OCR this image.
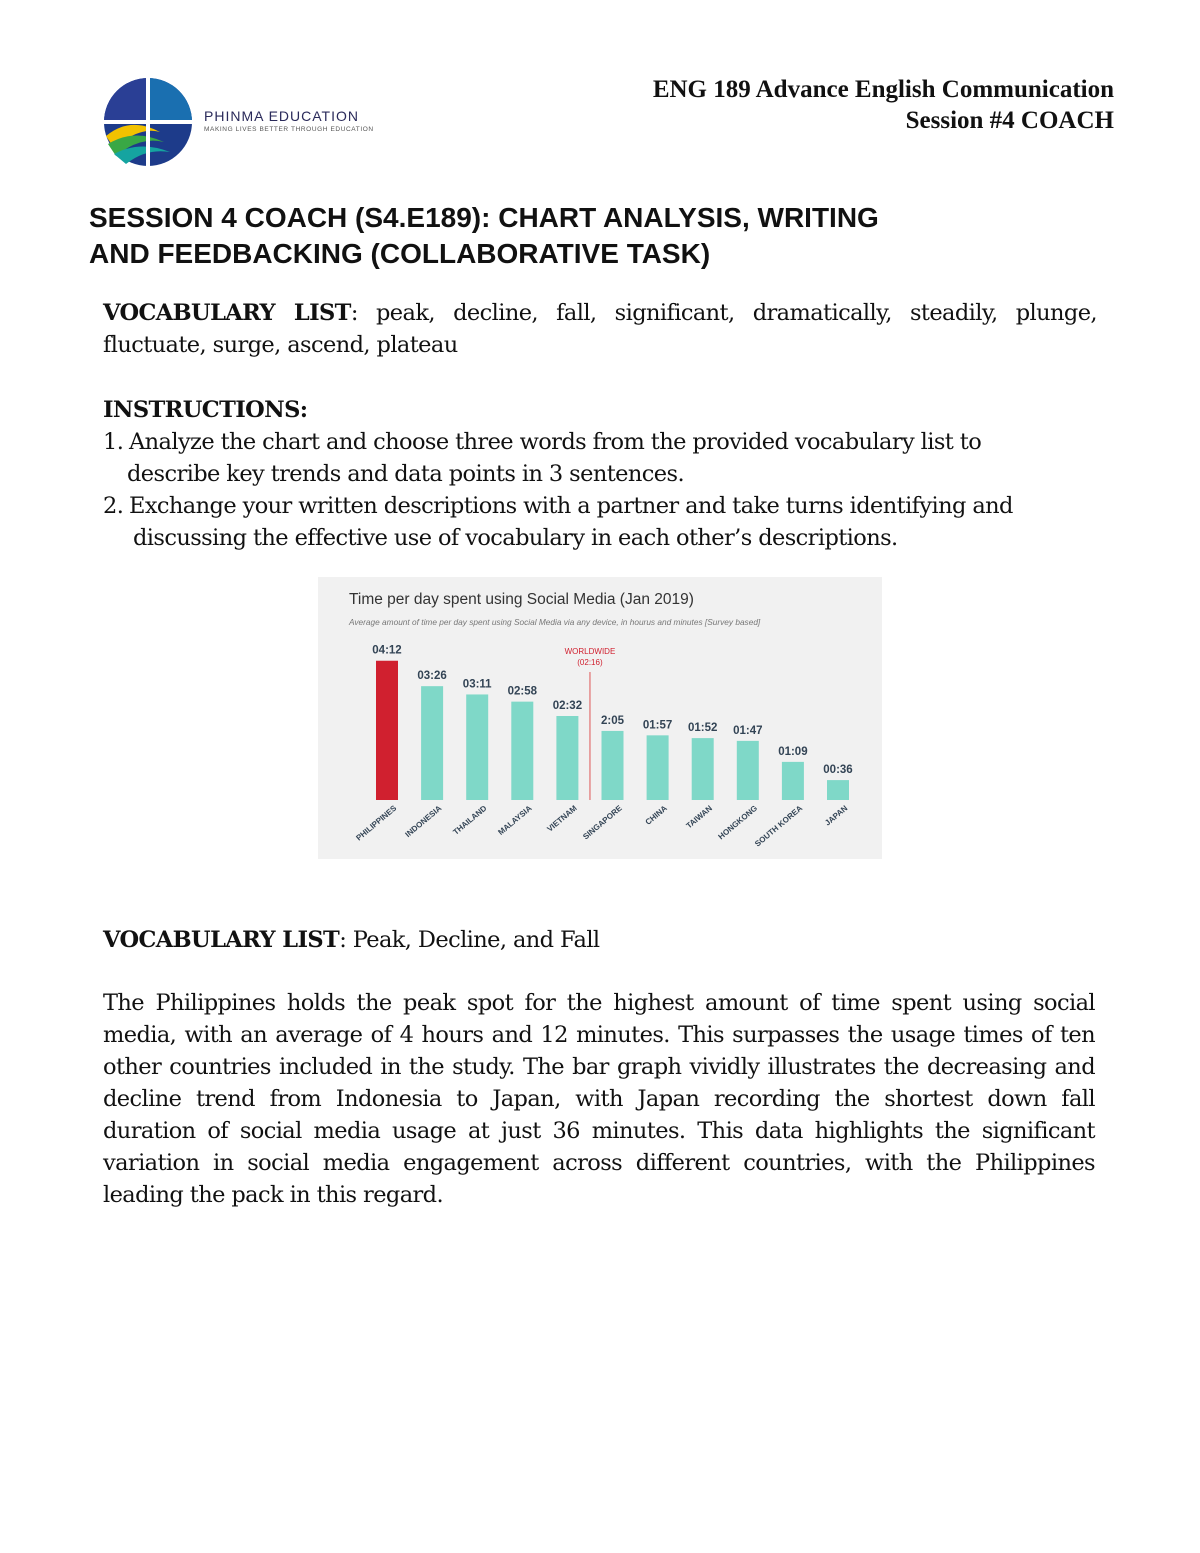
PHINMA EDUCATION
MAKING LIVES BETTER THROUGH EDUCATION
ENG 189 Advance English Communication
Session #4 COACH
SESSION 4 COACH (S4.E189): CHART ANALYSIS, WRITING
AND FEEDBACKING (COLLABORATIVE TASK)
VOCABULARY LIST: peak, decline, fall, significant, dramatically, steadily, plunge, fluctuate, surge, ascend, plateau
INSTRUCTIONS:
1. Analyze the chart and choose three words from the provided vocabulary list to
describe key trends and data points in 3 sentences.
2. Exchange your written descriptions with a partner and take turns identifying and
discussing the effective use of vocabulary in each other’s descriptions.
Time per day spent using Social Media (Jan 2019)
Average amount of time per day spent using Social Media via any device, in hourus and minutes [Survey based]
04:12
PHILIPPINES
03:26
INDONESIA
03:11
THAILAND
02:58
MALAYSIA
02:32
VIETNAM
2:05
SINGAPORE
01:57
CHINA
01:52
TAIWAN
01:47
HONGKONG
01:09
SOUTH KOREA
00:36
JAPAN
WORLDWIDE
(02:16)
VOCABULARY LIST: Peak, Decline, and Fall
The Philippines holds the peak spot for the highest amount of time spent using social media, with an average of 4 hours and 12 minutes. This surpasses the usage times of ten other countries included in the study. The bar graph vividly illustrates the decreasing and decline trend from Indonesia to Japan, with Japan recording the shortest down fall duration of social media usage at just 36 minutes. This data highlights the significant variation in social media engagement across different countries, with the Philippines leading the pack in this regard.
